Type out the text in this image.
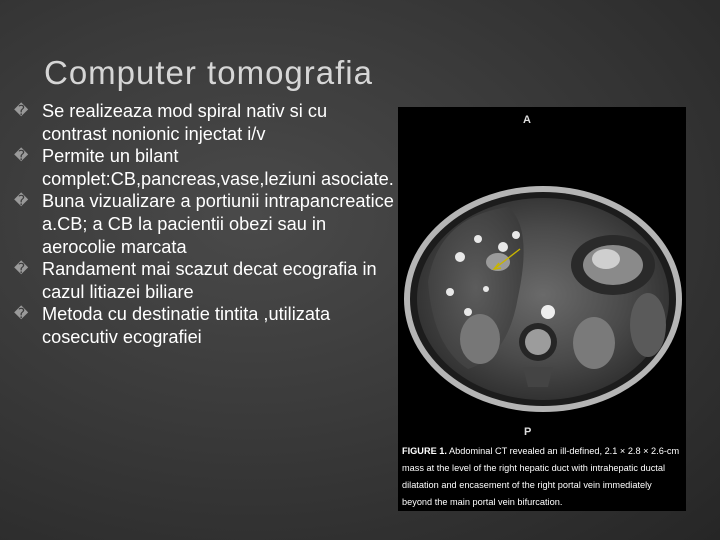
Computer tomografia
� Se realizeaza mod spiral nativ si cu contrast nonionic injectat i/v
� Permite un bilant complet:CB,pancreas,vase,leziuni asociate.
� Buna vizualizare a portiunii intrapancreatice a.CB; a CB la pacientii obezi sau in aerocolie marcata
� Randament mai scazut decat ecografia in cazul litiazei biliare
� Metoda cu destinatie tintita ,utilizata cosecutiv ecografiei
A
P
FIGURE 1. Abdominal CT revealed an ill-defined, 2.1 × 2.8 × 2.6-cm mass at the level of the right hepatic duct with intrahepatic ductal dilatation and encasement of the right portal vein immediately beyond the main portal vein bifurcation.
